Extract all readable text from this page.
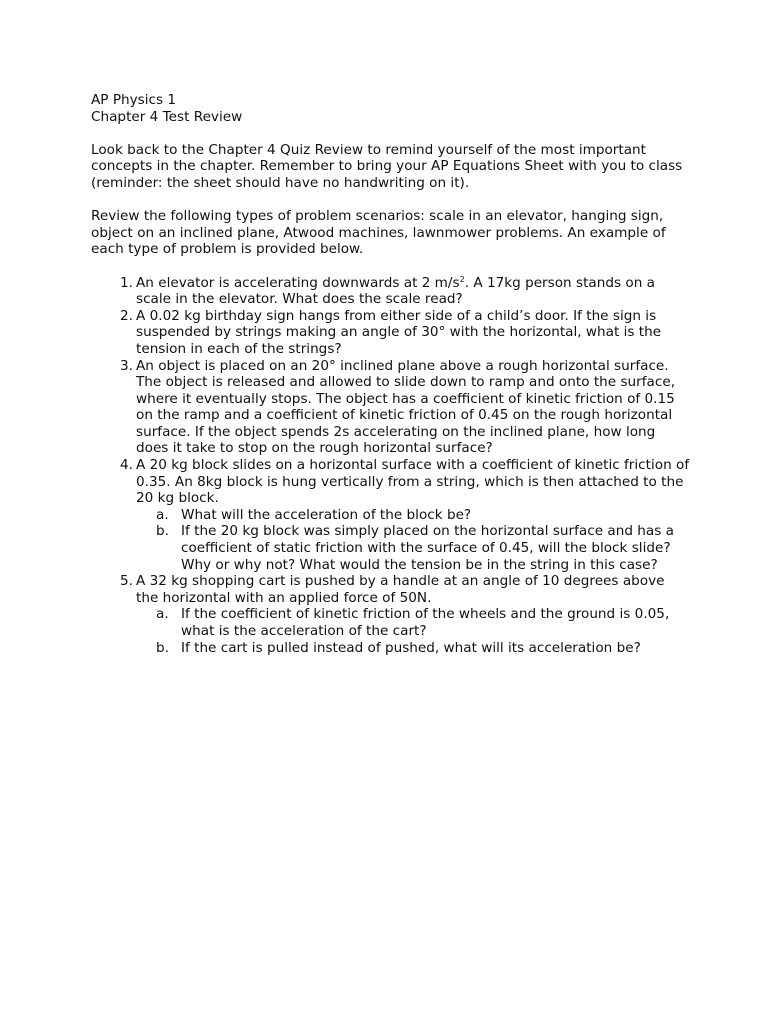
AP Physics 1

Chapter 4 Test Review

Look back to the Chapter 4 Quiz Review to remind yourself of the most important concepts in the chapter. Remember to bring your AP Equations Sheet with you to class (reminder: the sheet should have no handwriting on it).

Review the following types of problem scenarios: scale in an elevator, hanging sign, object on an inclined plane, Atwood machines, lawnmower problems. An example of each type of problem is provided below.

1. An elevator is accelerating downwards at 2 $m/s^2$. A 17kg person stands on a scale in the elevator. What does the scale read?
2. A 0.02 kg birthday sign hangs from either side of a child’s door. If the sign is suspended by strings making an angle of 30° with the horizontal, what is the tension in each of the strings?
3. An object is placed on an 20° inclined plane above a rough horizontal surface. The object is released and allowed to slide down to ramp and onto the surface, where it eventually stops. The object has a coefficient of kinetic friction of 0.15 on the ramp and a coefficient of kinetic friction of 0.45 on the rough horizontal surface. If the object spends 2s accelerating on the inclined plane, how long does it take to stop on the rough horizontal surface?
4. A 20 kg block slides on a horizontal surface with a coefficient of kinetic friction of 0.35. An 8kg block is hung vertically from a string, which is then attached to the 20 kg block.
a. What will the acceleration of the block be?
b. If the 20 kg block was simply placed on the horizontal surface and has a coefficient of static friction with the surface of 0.45, will the block slide? Why or why not? What would the tension be in the string in this case?
5. A 32 kg shopping cart is pushed by a handle at an angle of 10 degrees above the horizontal with an applied force of 50N.
a. If the coefficient of kinetic friction of the wheels and the ground is 0.05, what is the acceleration of the cart?
b. If the cart is pulled instead of pushed, what will its acceleration be?
